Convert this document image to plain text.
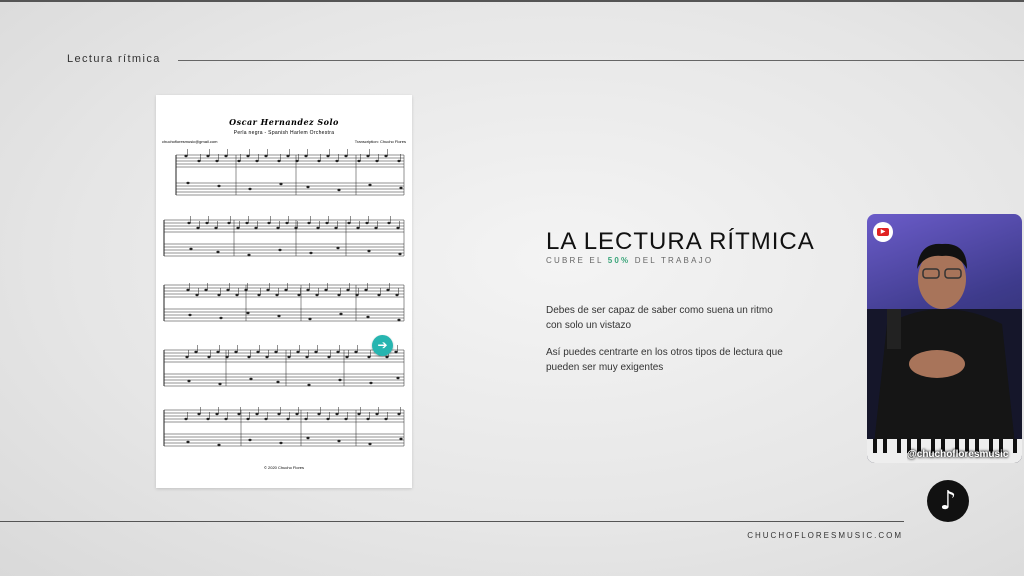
Lectura rítmica
Oscar Hernandez Solo
Perla negra - Spanish Harlem Orchestra
chuchofloresmusic@gmail.com	Transcription: Chucho Flores
© 2020 Chucho Flores
➔
LA LECTURA RÍTMICA
CUBRE EL 50% DEL TRABAJO
Debes de ser capaz de saber como suena un ritmo con solo un vistazo
Así puedes centrarte en los otros tipos de lectura que pueden ser muy exigentes
▶
@chuchofloresmusic
♪
CHUCHOFLORESMUSIC.COM
